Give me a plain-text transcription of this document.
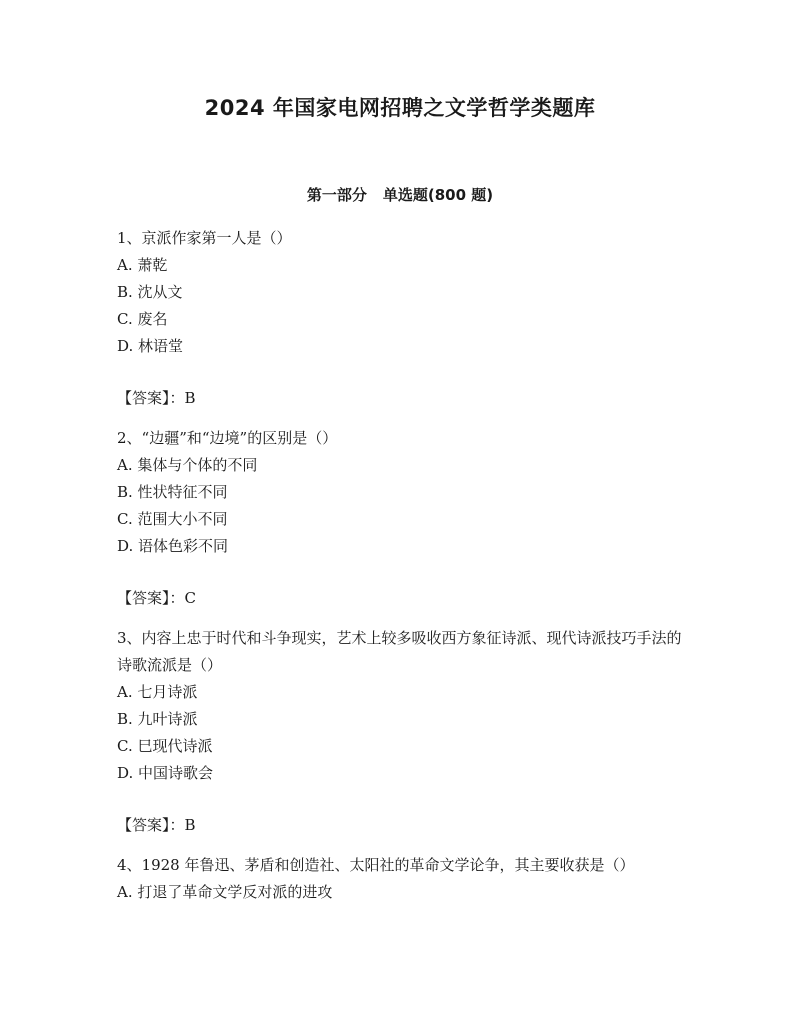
2024 年国家电网招聘之文学哲学类题库
第一部分 单选题(800 题)

1、京派作家第一人是（）

A. 萧乾
B. 沈从文
C. 废名
D. 林语堂

【答案】：B

2、“边疆”和“边境”的区别是（）

A. 集体与个体的不同
B. 性状特征不同
C. 范围大小不同
D. 语体色彩不同

【答案】：C

3、内容上忠于时代和斗争现实，艺术上较多吸收西方象征诗派、现代诗派技巧手法的诗歌流派是（）

A. 七月诗派
B. 九叶诗派
C. 巳现代诗派
D. 中国诗歌会

【答案】：B

4、1928 年鲁迅、茅盾和创造社、太阳社的革命文学论争，其主要收获是（）

A. 打退了革命文学反对派的进攻
